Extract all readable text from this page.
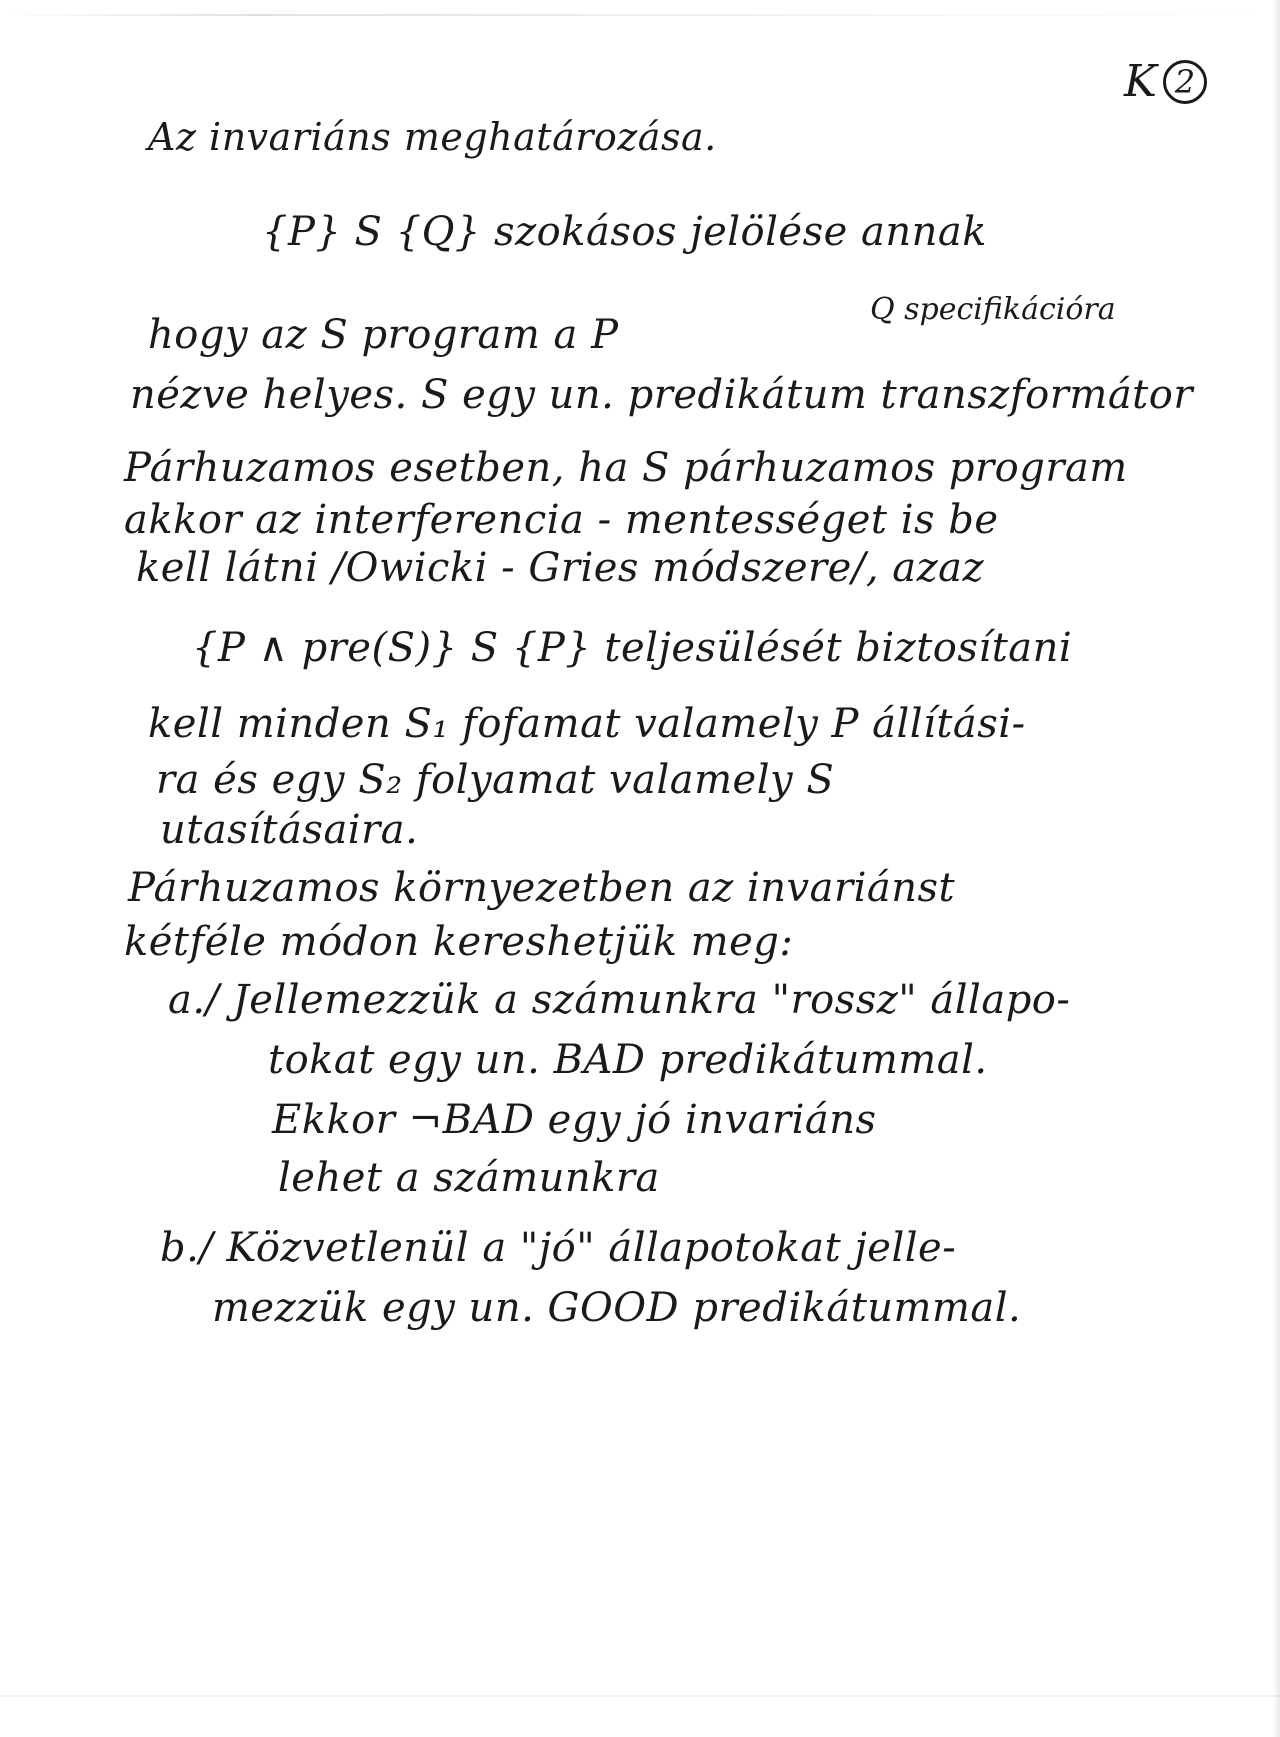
K 2
Az invariáns meghatározása.
{P} S {Q} szokásos jelölése annak
hogy az S program a P
Q specifikációra
nézve helyes. S egy un. predikátum transzformátor
Párhuzamos esetben, ha S párhuzamos program
akkor az interferencia - mentességet is be
kell látni /Owicki - Gries módszere/, azaz
{P ∧ pre(S)} S {P} teljesülését biztosítani
kell minden S₁ fofamat valamely P állítási-
ra és egy S₂ folyamat valamely S
utasításaira.
Párhuzamos környezetben az invariánst
kétféle módon kereshetjük meg:
a./ Jellemezzük a számunkra "rossz" állapo-
tokat egy un. BAD predikátummal.
Ekkor ¬BAD egy jó invariáns
lehet a számunkra
b./ Közvetlenül a "jó" állapotokat jelle-
mezzük egy un. GOOD predikátummal.
